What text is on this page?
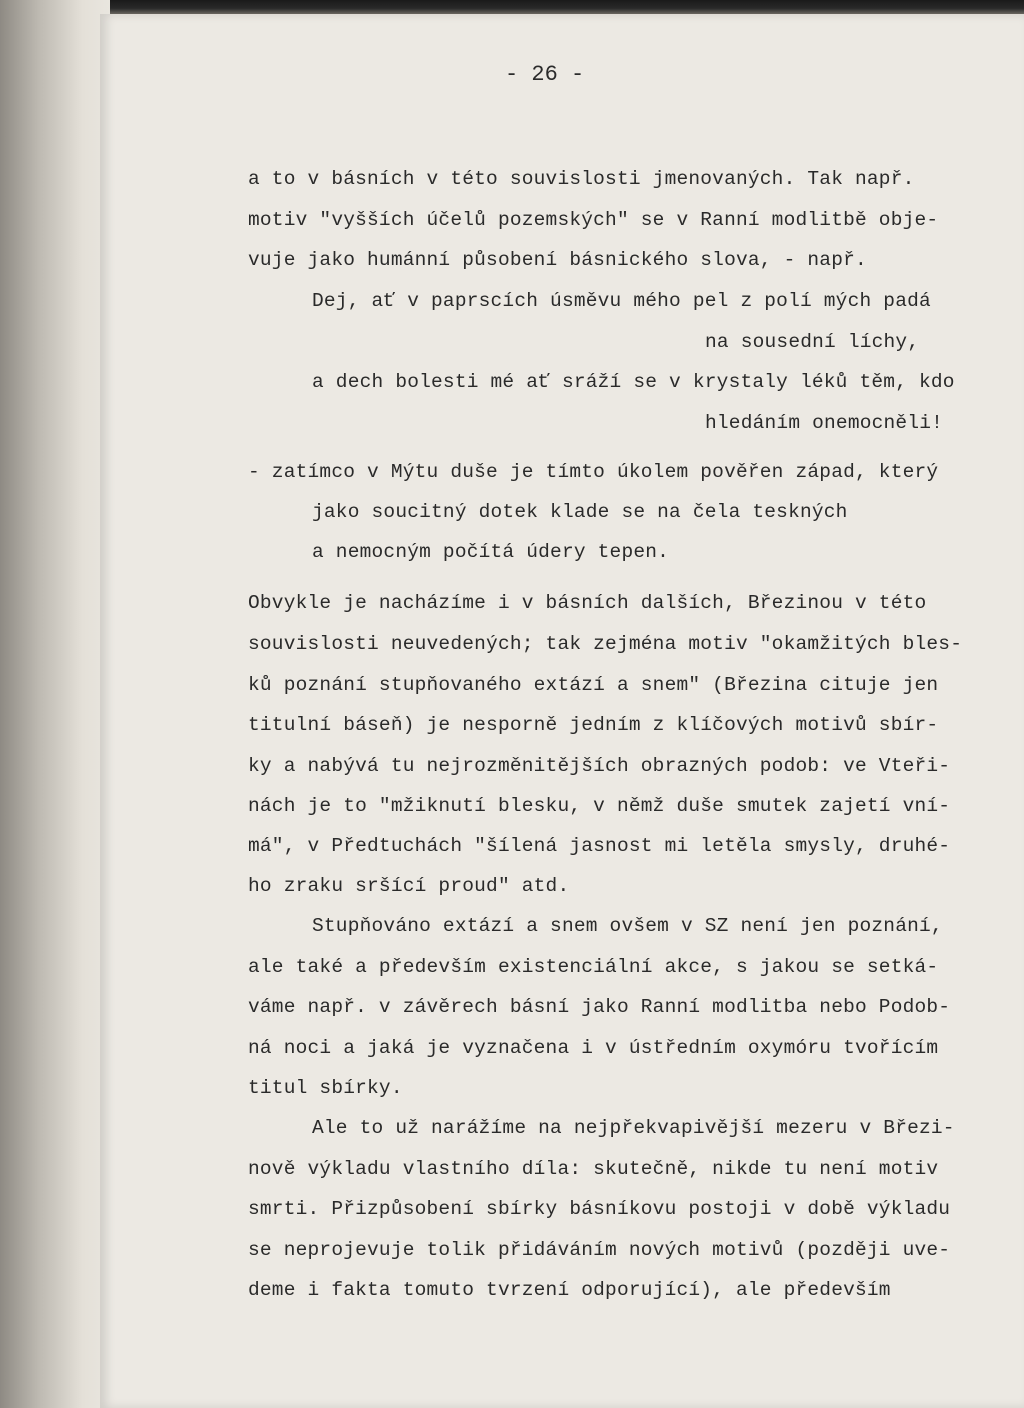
- 26 -
a to v básních v této souvislosti jmenovaných. Tak např.
motiv "vyšších účelů pozemských" se v Ranní modlitbě obje-
vuje jako humánní působení básnického slova, - např.
Dej, ať v paprscích úsměvu mého pel z polí mých padá
na sousední líchy,
a dech bolesti mé ať sráží se v krystaly léků těm, kdo
hledáním onemocněli!
- zatímco v Mýtu duše je tímto úkolem pověřen západ, který
jako soucitný dotek klade se na čela teskných
a nemocným počítá údery tepen.
Obvykle je nacházíme i v básních dalších, Březinou v této
souvislosti neuvedených; tak zejména motiv "okamžitých bles-
ků poznání stupňovaného extází a snem" (Březina cituje jen
titulní báseň) je nesporně jedním z klíčových motivů sbír-
ky a nabývá tu nejrozměnitějších obrazných podob: ve Vteři-
nách je to "mžiknutí blesku, v němž duše smutek zajetí vní-
má", v Předtuchách "šílená jasnost mi letěla smysly, druhé-
ho zraku sršící proud" atd.
Stupňováno extází a snem ovšem v SZ není jen poznání,
ale také a především existenciální akce, s jakou se setká-
váme např. v závěrech básní jako Ranní modlitba nebo Podob-
ná noci a jaká je vyznačena i v ústředním oxymóru tvořícím
titul sbírky.
Ale to už narážíme na nejpřekvapivější mezeru v Březi-
nově výkladu vlastního díla: skutečně, nikde tu není motiv
smrti. Přizpůsobení sbírky básníkovu postoji v době výkladu
se neprojevuje tolik přidáváním nových motivů (později uve-
deme i fakta tomuto tvrzení odporující), ale především
